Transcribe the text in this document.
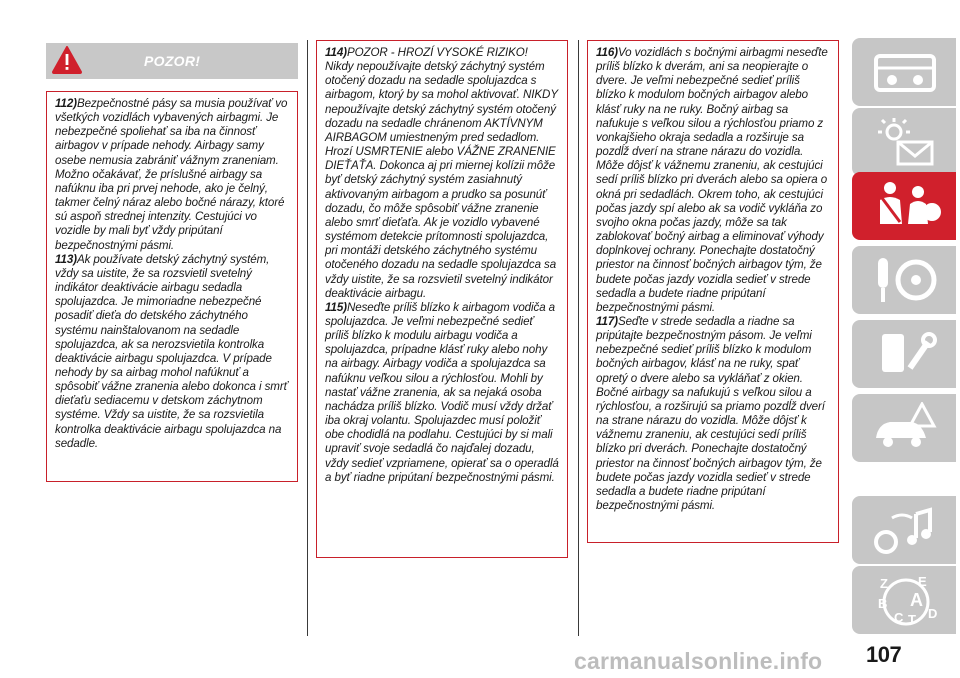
POZOR!

112)Bezpečnostné pásy sa musia používať vo všetkých vozidlách vybavených airbagmi. Je nebezpečné spoliehať sa iba na činnosť airbagov v prípade nehody. Airbagy samy osebe nemusia zabrániť vážnym zraneniam. Možno očakávať, že príslušné airbagy sa nafúknu iba pri prvej nehode, ako je čelný, takmer čelný náraz alebo bočné nárazy, ktoré sú aspoň strednej intenzity. Cestujúci vo vozidle by mali byť vždy pripútaní bezpečnostnými pásmi.

113)Ak používate detský záchytný systém, vždy sa uistite, že sa rozsvietil svetelný indikátor deaktivácie airbagu sedadla spolujazdca. Je mimoriadne nebezpečné posadiť dieťa do detského záchytného systému nainštalovanom na sedadle spolujazdca, ak sa nerozsvietila kontrolka deaktivácie airbagu spolujazdca. V prípade nehody by sa airbag mohol nafúknuť a spôsobiť vážne zranenia alebo dokonca i smrť dieťaťu sediacemu v detskom záchytnom systéme. Vždy sa uistite, že sa rozsvietila kontrolka deaktivácie airbagu spolujazdca na sedadle.

114)POZOR - HROZÍ VYSOKÉ RIZIKO! Nikdy nepoužívajte detský záchytný systém otočený dozadu na sedadle spolujazdca s airbagom, ktorý by sa mohol aktivovať. NIKDY nepoužívajte detský záchytný systém otočený dozadu na sedadle chránenom AKTÍVNYM AIRBAGOM umiestneným pred sedadlom. Hrozí USMRTENIE alebo VÁŽNE ZRANENIE DIEŤAŤA. Dokonca aj pri miernej kolízii môže byť detský záchytný systém zasiahnutý aktivovaným airbagom a prudko sa posunúť dozadu, čo môže spôsobiť vážne zranenie alebo smrť dieťaťa. Ak je vozidlo vybavené systémom detekcie prítomnosti spolujazdca, pri montáži detského záchytného systému otočeného dozadu na sedadle spolujazdca sa vždy uistite, že sa rozsvietil svetelný indikátor deaktivácie airbagu.

115)Neseďte príliš blízko k airbagom vodiča a spolujazdca. Je veľmi nebezpečné sedieť príliš blízko k modulu airbagu vodiča a spolujazdca, prípadne klásť ruky alebo nohy na airbagy. Airbagy vodiča a spolujazdca sa nafúknu veľkou silou a rýchlosťou. Mohli by nastať vážne zranenia, ak sa nejaká osoba nachádza príliš blízko. Vodič musí vždy držať iba okraj volantu. Spolujazdec musí položiť obe chodidlá na podlahu. Cestujúci by si mali upraviť svoje sedadlá čo najďalej dozadu, vždy sedieť vzpriamene, opierať sa o operadlá a byť riadne pripútaní bezpečnostnými pásmi.

116)Vo vozidlách s bočnými airbagmi neseďte príliš blízko k dverám, ani sa neopierajte o dvere. Je veľmi nebezpečné sedieť príliš blízko k modulom bočných airbagov alebo klásť ruky na ne ruky. Bočný airbag sa nafukuje s veľkou silou a rýchlosťou priamo z vonkajšieho okraja sedadla a rozširuje sa pozdĺž dverí na strane nárazu do vozidla. Môže dôjsť k vážnemu zraneniu, ak cestujúci sedí príliš blízko pri dverách alebo sa opiera o okná pri sedadlách. Okrem toho, ak cestujúci počas jazdy spí alebo ak sa vodič vykláňa zo svojho okna počas jazdy, môže sa tak zablokovať bočný airbag a eliminovať výhody doplnkovej ochrany. Ponechajte dostatočný priestor na činnosť bočných airbagov tým, že budete počas jazdy vozidla sedieť v strede sedadla a budete riadne pripútaní bezpečnostnými pásmi.

117)Seďte v strede sedadla a riadne sa pripútajte bezpečnostným pásom. Je veľmi nebezpečné sedieť príliš blízko k modulom bočných airbagov, klásť na ne ruky, spať opretý o dvere alebo sa vykláňať z okien. Bočné airbagy sa nafukujú s veľkou silou a rýchlosťou, a rozširujú sa priamo pozdĺž dverí na strane nárazu do vozidla. Môže dôjsť k vážnemu zraneniu, ak cestujúci sedí príliš blízko pri dverách. Ponechajte dostatočný priestor na činnosť bočných airbagov tým, že budete počas jazdy vozidla sedieť v strede sedadla a budete riadne pripútaní bezpečnostnými pásmi.

Z E
B A
C T D
carmanualsonline.info 107
